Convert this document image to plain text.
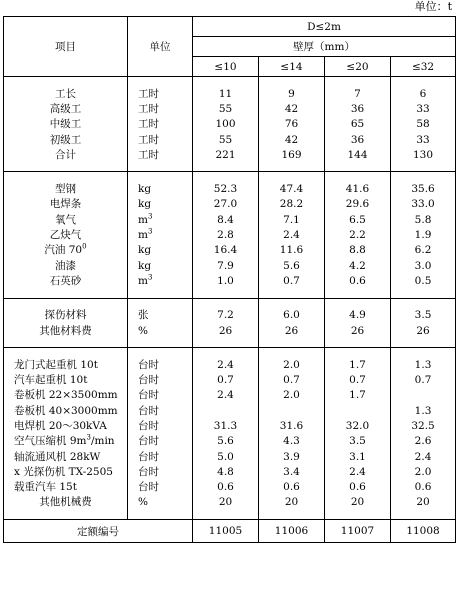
单位：t
项目	单位	D≤2m			
		壁厚（mm）			
		≤10	≤14	≤20	≤32

工长	工时	11	9	7	6
高级工	工时	55	42	36	33
中级工	工时	100	76	65	58
初级工	工时	55	42	36	33
合计	工时	221	169	144	130

型钢	kg	52.3	47.4	41.6	35.6
电焊条	kg	27.0	28.2	29.6	33.0
氧气	$m^3$	8.4	7.1	6.5	5.8
乙炔气	$m^3$	2.8	2.4	2.2	1.9
汽油 $70^0$	kg	16.4	11.6	8.8	6.2
油漆	kg	7.9	5.6	4.2	3.0
石英砂	$m^3$	1.0	0.7	0.6	0.5

探伤材料	张	7.2	6.0	4.9	3.5
其他材料费	%	26	26	26	26

龙门式起重机 10t	台时	2.4	2.0	1.7	1.3
汽车起重机 10t	台时	0.7	0.7	0.7	0.7
卷板机 22×3500mm	台时	2.4	2.0	1.7	
卷板机 40×3000mm	台时				1.3
电焊机 20～30kVA	台时	31.3	31.6	32.0	32.5
空气压缩机 $9m^3/\min$	台时	5.6	4.3	3.5	2.6
轴流通风机 28kW	台时	5.0	3.9	3.1	2.4
x 光探伤机 TX-2505	台时	4.8	3.4	2.4	2.0
载重汽车 15t	台时	0.6	0.6	0.6	0.6
其他机械费	%	20	20	20	20

定额编号		11005	11006	11007	11008
